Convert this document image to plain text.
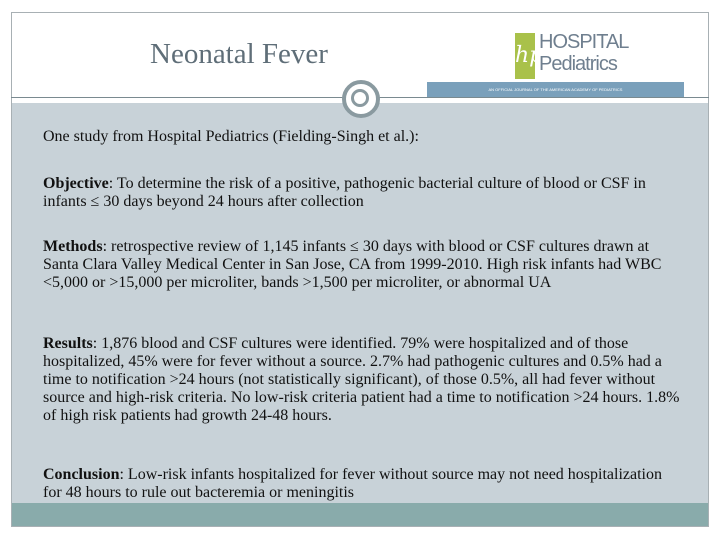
Neonatal Fever	hp
HOSPITAL
Pediatrics
AN OFFICIAL JOURNAL OF THE AMERICAN ACADEMY OF PEDIATRICS
One study from Hospital Pediatrics (Fielding-Singh et al.):
Objective: To determine the risk of a positive, pathogenic bacterial culture of blood or CSF in infants ≤ 30 days beyond 24 hours after collection
Methods: retrospective review of 1,145 infants ≤ 30 days with blood or CSF cultures drawn at Santa Clara Valley Medical Center in San Jose, CA from 1999-2010. High risk infants had WBC <5,000 or >15,000 per microliter, bands >1,500 per microliter, or abnormal UA
Results: 1,876 blood and CSF cultures were identified. 79% were hospitalized and of those hospitalized, 45% were for fever without a source. 2.7% had pathogenic cultures and 0.5% had a time to notification >24 hours (not statistically significant), of those 0.5%, all had fever without source and high-risk criteria. No low-risk criteria patient had a time to notification >24 hours. 1.8% of high risk patients had growth 24-48 hours.
Conclusion: Low-risk infants hospitalized for fever without source may not need hospitalization for 48 hours to rule out bacteremia or meningitis
